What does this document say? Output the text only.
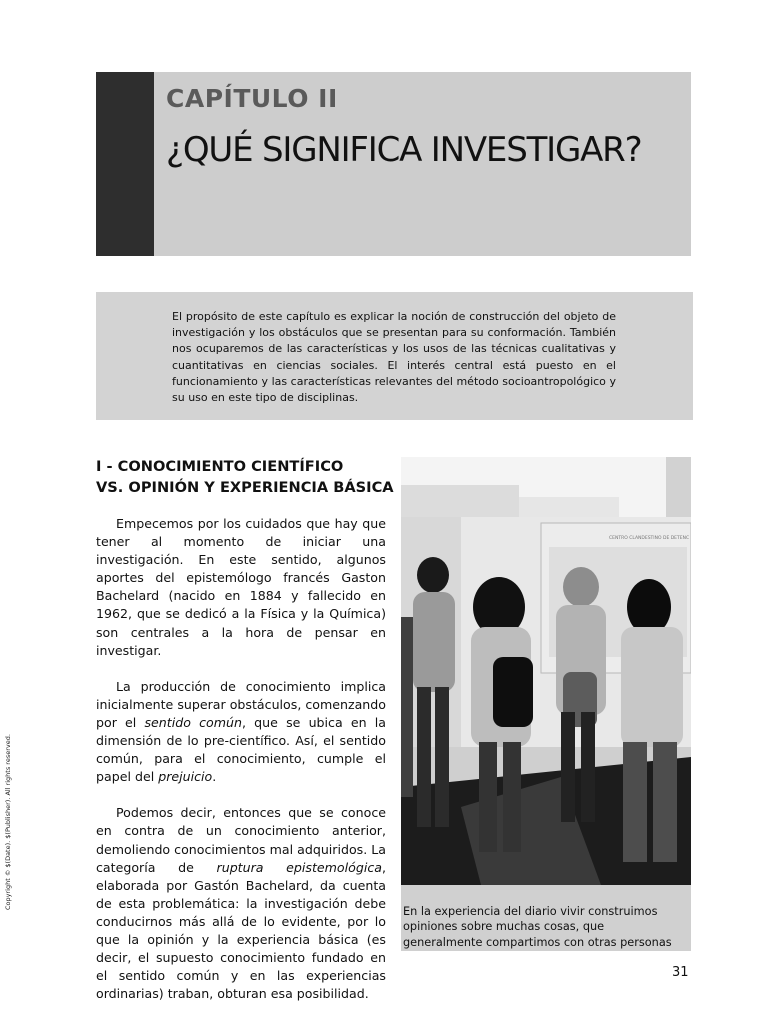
CAPÍTULO II
¿QUÉ SIGNIFICA INVESTIGAR?
El propósito de este capítulo es explicar la noción de construcción del objeto de investigación y los obstáculos que se presentan para su conformación. También nos ocuparemos de las características y los usos de las técnicas cualitativas y cuantitativas en ciencias sociales. El interés central está puesto en el funcionamiento y las características relevantes del método socioantropológico y su uso en este tipo de disciplinas.
I - CONOCIMIENTO CIENTÍFICO
VS. OPINIÓN Y EXPERIENCIA BÁSICA

Empecemos por los cuidados que hay que tener al momento de iniciar una investigación. En este sentido, algunos aportes del epistemólogo francés Gaston Bachelard (nacido en 1884 y fallecido en 1962, que se dedicó a la Física y la Química) son centrales a la hora de pensar en investigar.

La producción de conocimiento implica inicialmente superar obstáculos, comenzando por el sentido común, que se ubica en la dimensión de lo pre-científico. Así, el sentido común, para el conocimiento, cumple el papel del prejuicio.

Podemos decir, entonces que se conoce en contra de un conocimiento anterior, demoliendo conocimientos mal adquiridos. La categoría de ruptura epistemológica, elaborada por Gastón Bachelard, da cuenta de esta problemática: la investigación debe conducirnos más allá de lo evidente, por lo que la opinión y la experiencia básica (es decir, el supuesto conocimiento fundado en el sentido común y en las experiencias ordinarias) traban, obturan esa posibilidad.

CENTRO CLANDESTINO DE DETENC
En la experiencia del diario vivir construimos opiniones sobre muchas cosas, que generalmente compartimos con otras personas
Copyright © $(Date). $(Publisher). All rights reserved.
31
